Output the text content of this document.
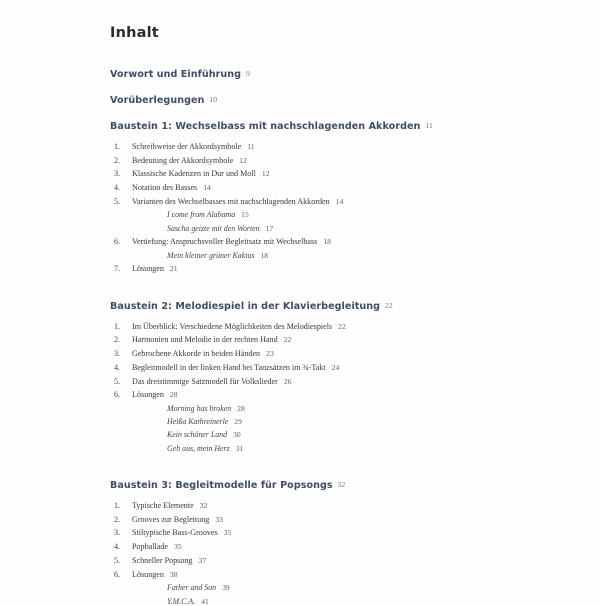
Inhalt
Vorwort und Einführung 9
Vorüberlegungen 10
Baustein 1: Wechselbass mit nachschlagenden Akkorden 11
1.	Schreibweise der Akkordsymbole 11
2.	Bedeutung der Akkordsymbole 12
3.	Klassische Kadenzen in Dur und Moll 12
4.	Notation des Basses 14
5.	Varianten des Wechselbasses mit nachschlagenden Akkorden 14
I come from Alabama 15
Sascha geizte mit den Worten 17
6.	Vertiefung: Anspruchsvoller Begleitsatz mit Wechselbass 18
Mein kleiner grüner Kaktus 18
7.	Lösungen 21
Baustein 2: Melodiespiel in der Klavierbegleitung 22
1.	Im Überblick: Verschiedene Möglichkeiten des Melodiespiels 22
2.	Harmonien und Melodie in der rechten Hand 22
3.	Gebrochene Akkorde in beiden Händen 23
4.	Begleitmodell in der linken Hand bei Tanzsätzen im ¾-Takt 24
5.	Das dreistimmige Satzmodell für Volkslieder 26
6.	Lösungen 28
Morning has broken 28
Heißa Kathreinerle 29
Kein schöner Land 30
Geh aus, mein Herz 31
Baustein 3: Begleitmodelle für Popsongs 32
1.	Typische Elemente 32
2.	Grooves zur Begleitung 33
3.	Stiltypische Bass-Grooves 35
4.	Popballade 35
5.	Schneller Popsong 37
6.	Lösungen 38
Father and Son 39
Y.M.C.A. 41
